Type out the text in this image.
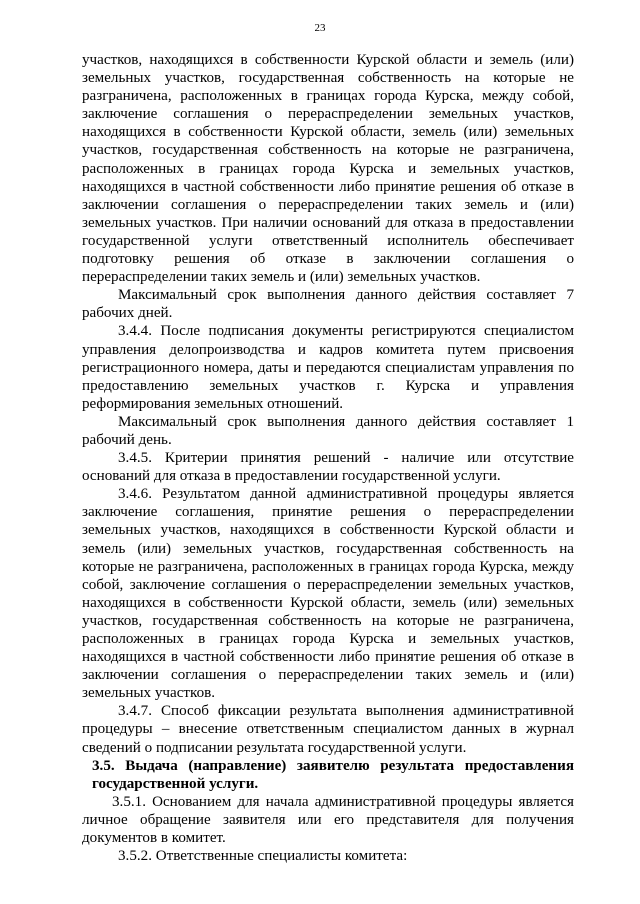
23

участков, находящихся в собственности Курской области и земель (или) земельных участков, государственная собственность на которые не разграничена, расположенных в границах города Курска, между собой, заключение соглашения о перераспределении земельных участков, находящихся в собственности Курской области, земель (или) земельных участков, государственная собственность на которые не разграничена, расположенных в границах города Курска и земельных участков, находящихся в частной собственности либо принятие решения об отказе в заключении соглашения о перераспределении таких земель и (или) земельных участков. При наличии оснований для отказа в предоставлении государственной услуги ответственный исполнитель обеспечивает подготовку решения об отказе в заключении соглашения о перераспределении таких земель и (или) земельных участков.

Максимальный срок выполнения данного действия составляет 7 рабочих дней.

3.4.4. После подписания документы регистрируются специалистом управления делопроизводства и кадров комитета путем присвоения регистрационного номера, даты и передаются специалистам управления по предоставлению земельных участков г. Курска и управления реформирования земельных отношений.

Максимальный срок выполнения данного действия составляет 1 рабочий день.

3.4.5. Критерии принятия решений - наличие или отсутствие оснований для отказа в предоставлении государственной услуги.

3.4.6. Результатом данной административной процедуры является заключение соглашения, принятие решения о перераспределении земельных участков, находящихся в собственности Курской области и земель (или) земельных участков, государственная собственность на которые не разграничена, расположенных в границах города Курска, между собой, заключение соглашения о перераспределении земельных участков, находящихся в собственности Курской области, земель (или) земельных участков, государственная собственность на которые не разграничена, расположенных в границах города Курска и земельных участков, находящихся в частной собственности либо принятие решения об отказе в заключении соглашения о перераспределении таких земель и (или) земельных участков.

3.4.7. Способ фиксации результата выполнения административной процедуры – внесение ответственным специалистом данных в журнал сведений о подписании результата государственной услуги.

3.5. Выдача (направление) заявителю результата предоставления государственной услуги.

3.5.1. Основанием для начала административной процедуры является личное обращение заявителя или его представителя для получения документов в комитет.

3.5.2. Ответственные специалисты комитета:
